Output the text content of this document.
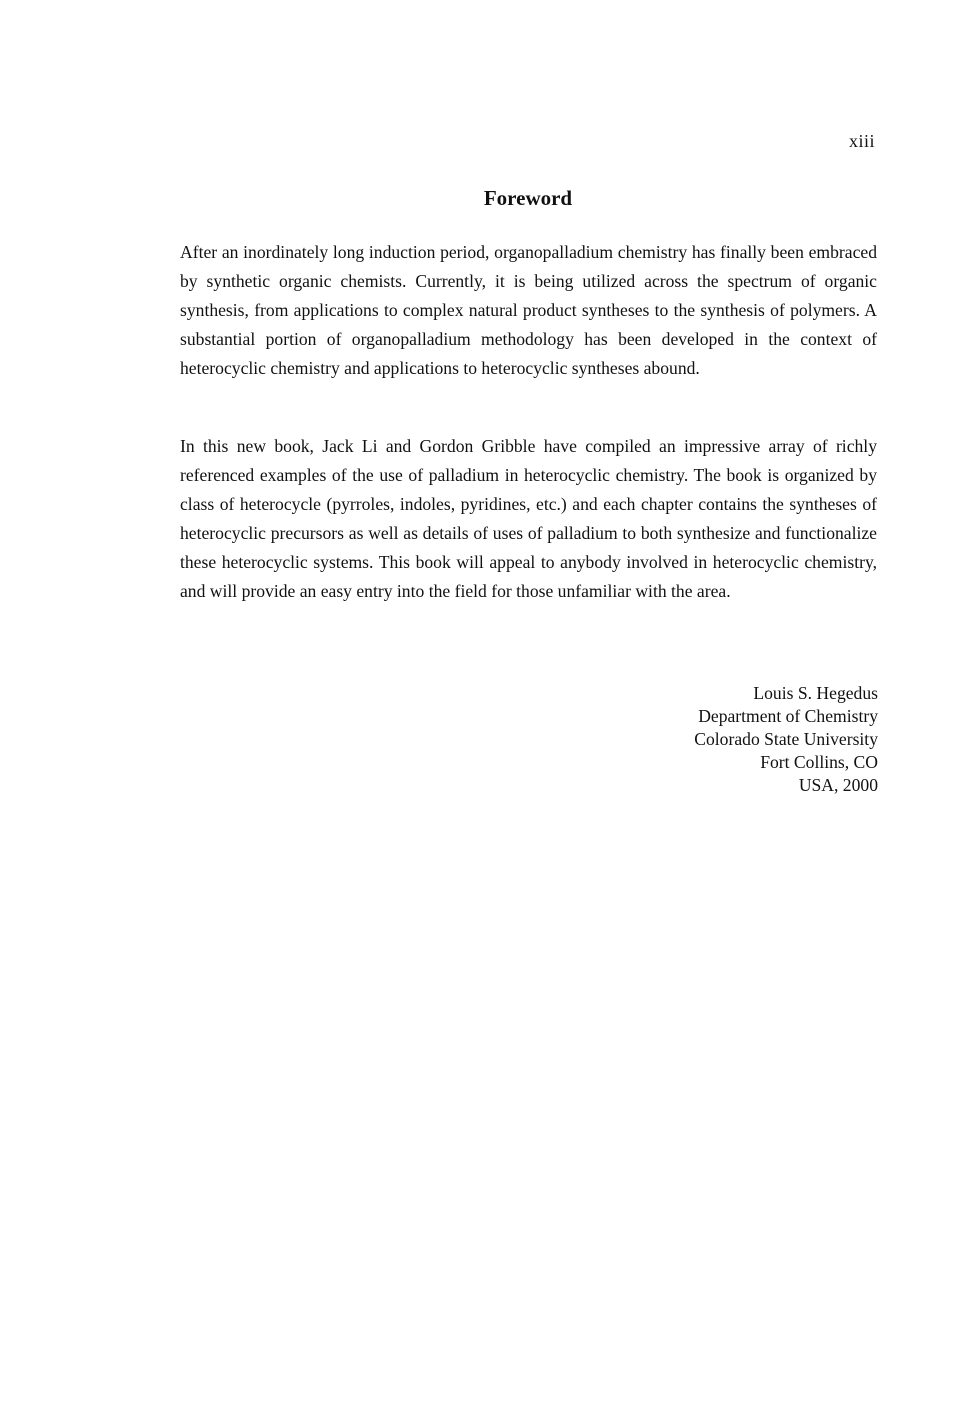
xiii
Foreword

After an inordinately long induction period, organopalladium chemistry has finally been embraced by synthetic organic chemists. Currently, it is being utilized across the spectrum of organic synthesis, from applications to complex natural product syntheses to the synthesis of polymers. A substantial portion of organopalladium methodology has been developed in the context of heterocyclic chemistry and applications to heterocyclic syntheses abound.

In this new book, Jack Li and Gordon Gribble have compiled an impressive array of richly referenced examples of the use of palladium in heterocyclic chemistry. The book is organized by class of heterocycle (pyrroles, indoles, pyridines, etc.) and each chapter contains the syntheses of heterocyclic precursors as well as details of uses of palladium to both synthesize and functionalize these heterocyclic systems. This book will appeal to anybody involved in heterocyclic chemistry, and will provide an easy entry into the field for those unfamiliar with the area.

Louis S. Hegedus
Department of Chemistry
Colorado State University
Fort Collins, CO
USA, 2000
